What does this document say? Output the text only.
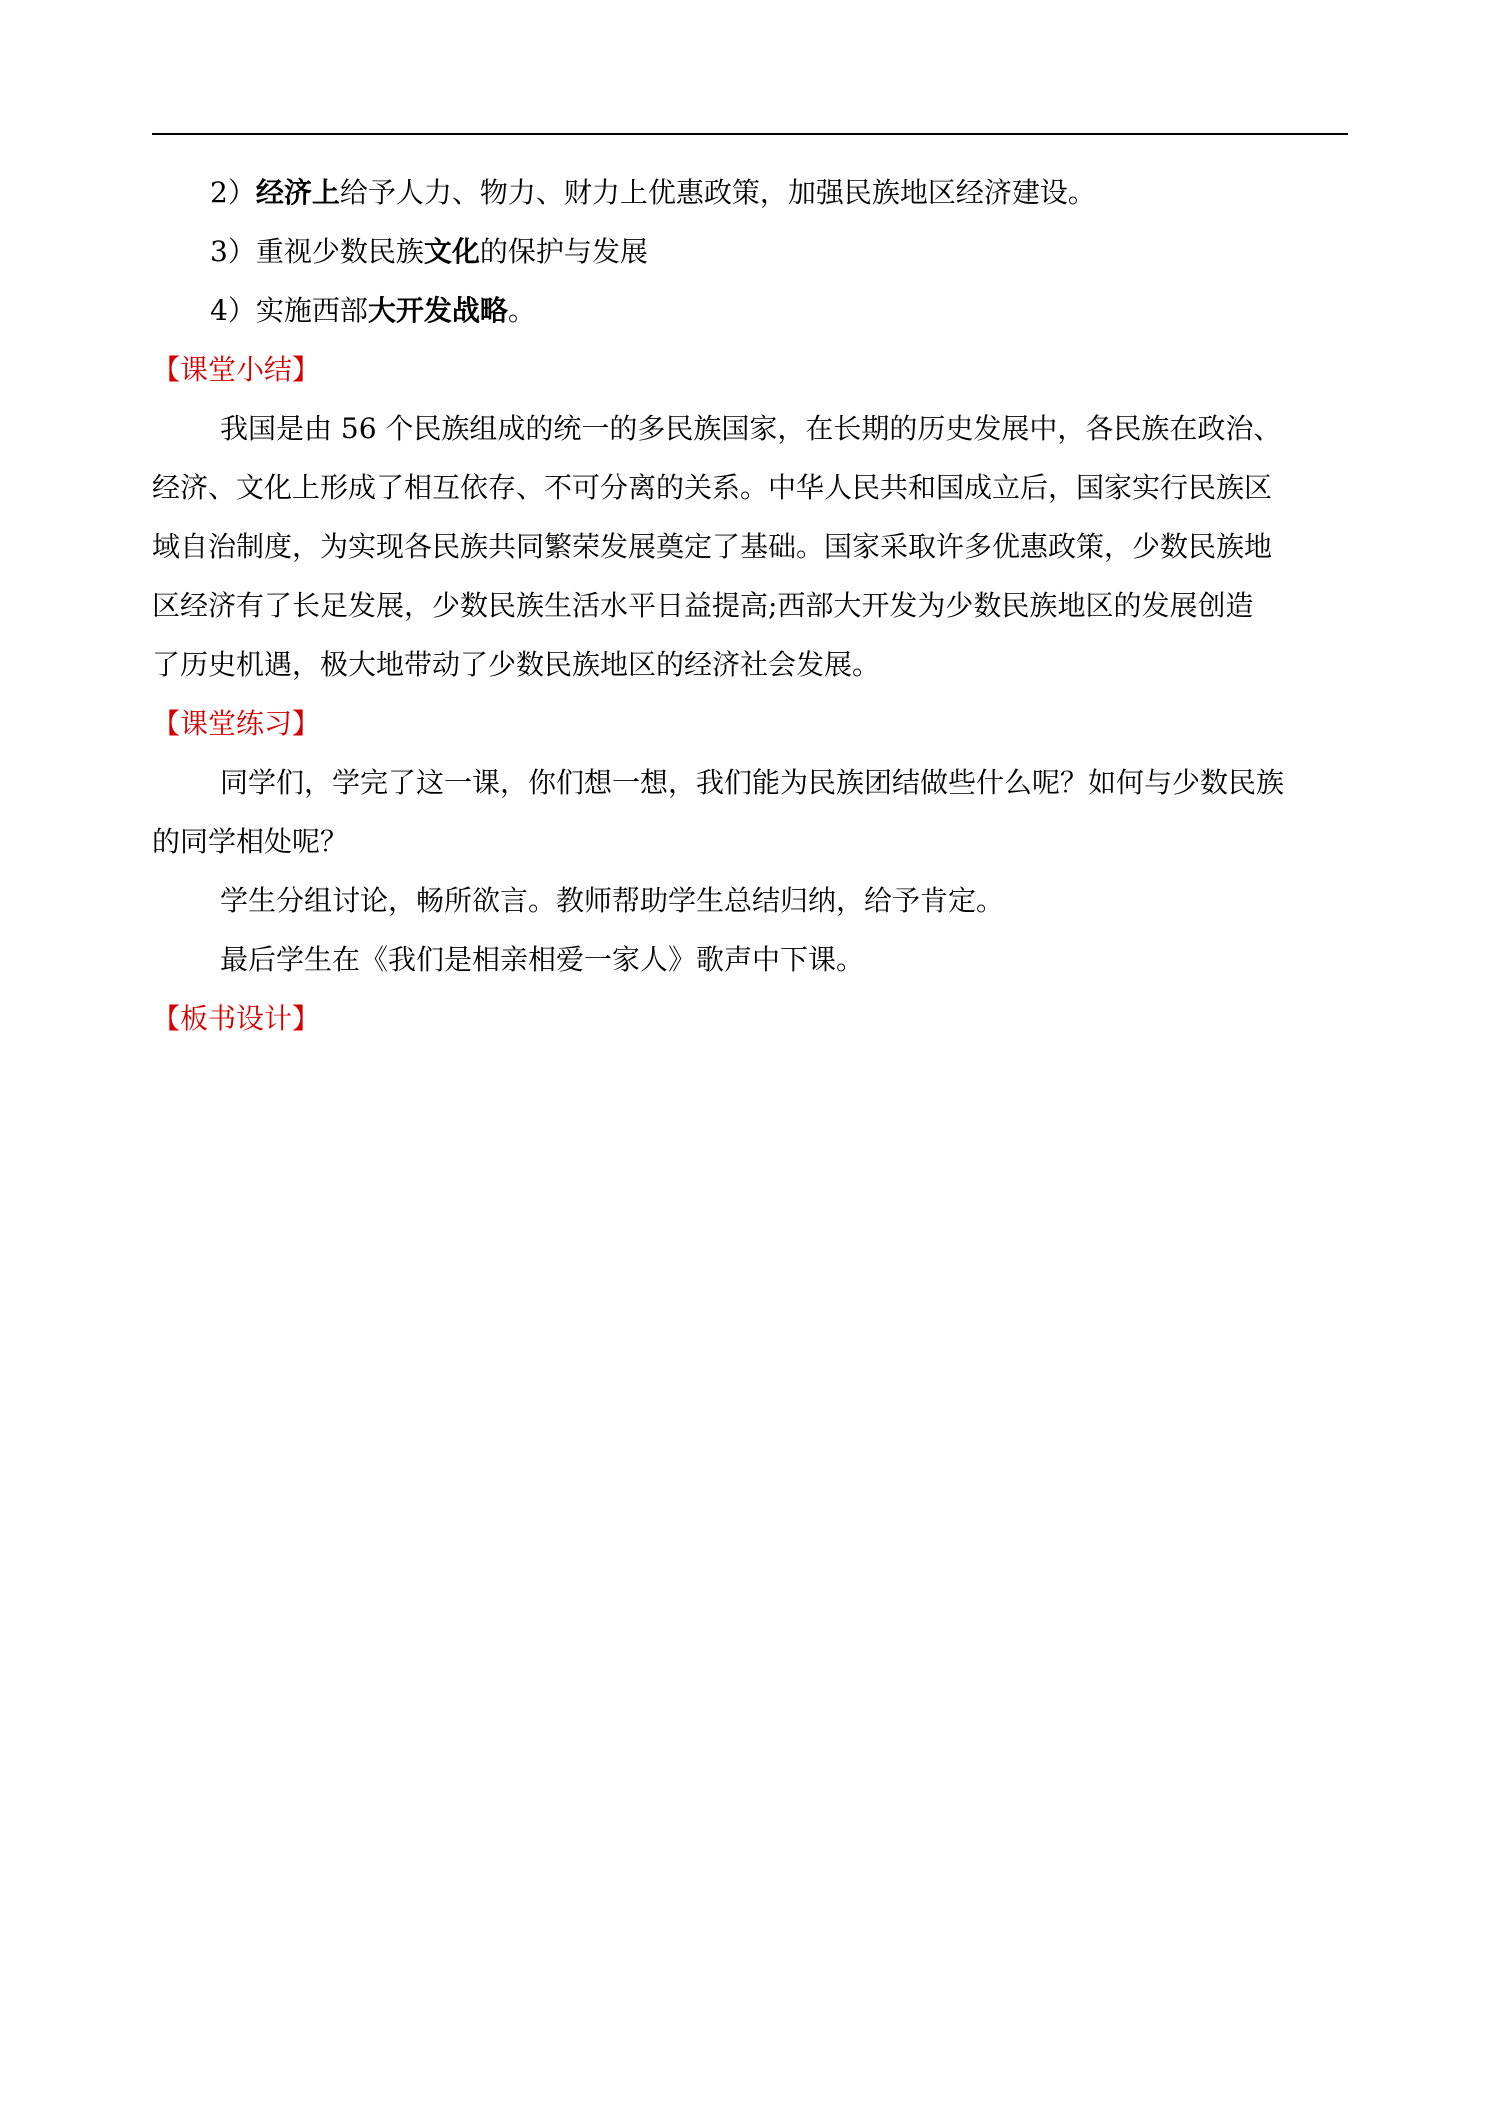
2）经济上给予人力、物力、财力上优惠政策，加强民族地区经济建设。

3）重视少数民族文化的保护与发展

4）实施西部大开发战略。

【课堂小结】

我国是由 56 个民族组成的统一的多民族国家，在长期的历史发展中，各民族在政治、

经济、文化上形成了相互依存、不可分离的关系。中华人民共和国成立后，国家实行民族区

域自治制度，为实现各民族共同繁荣发展奠定了基础。国家采取许多优惠政策，少数民族地

区经济有了长足发展，少数民族生活水平日益提高;西部大开发为少数民族地区的发展创造

了历史机遇，极大地带动了少数民族地区的经济社会发展。

【课堂练习】

同学们，学完了这一课，你们想一想，我们能为民族团结做些什么呢？如何与少数民族

的同学相处呢？

学生分组讨论，畅所欲言。教师帮助学生总结归纳，给予肯定。

最后学生在《我们是相亲相爱一家人》歌声中下课。

【板书设计】
